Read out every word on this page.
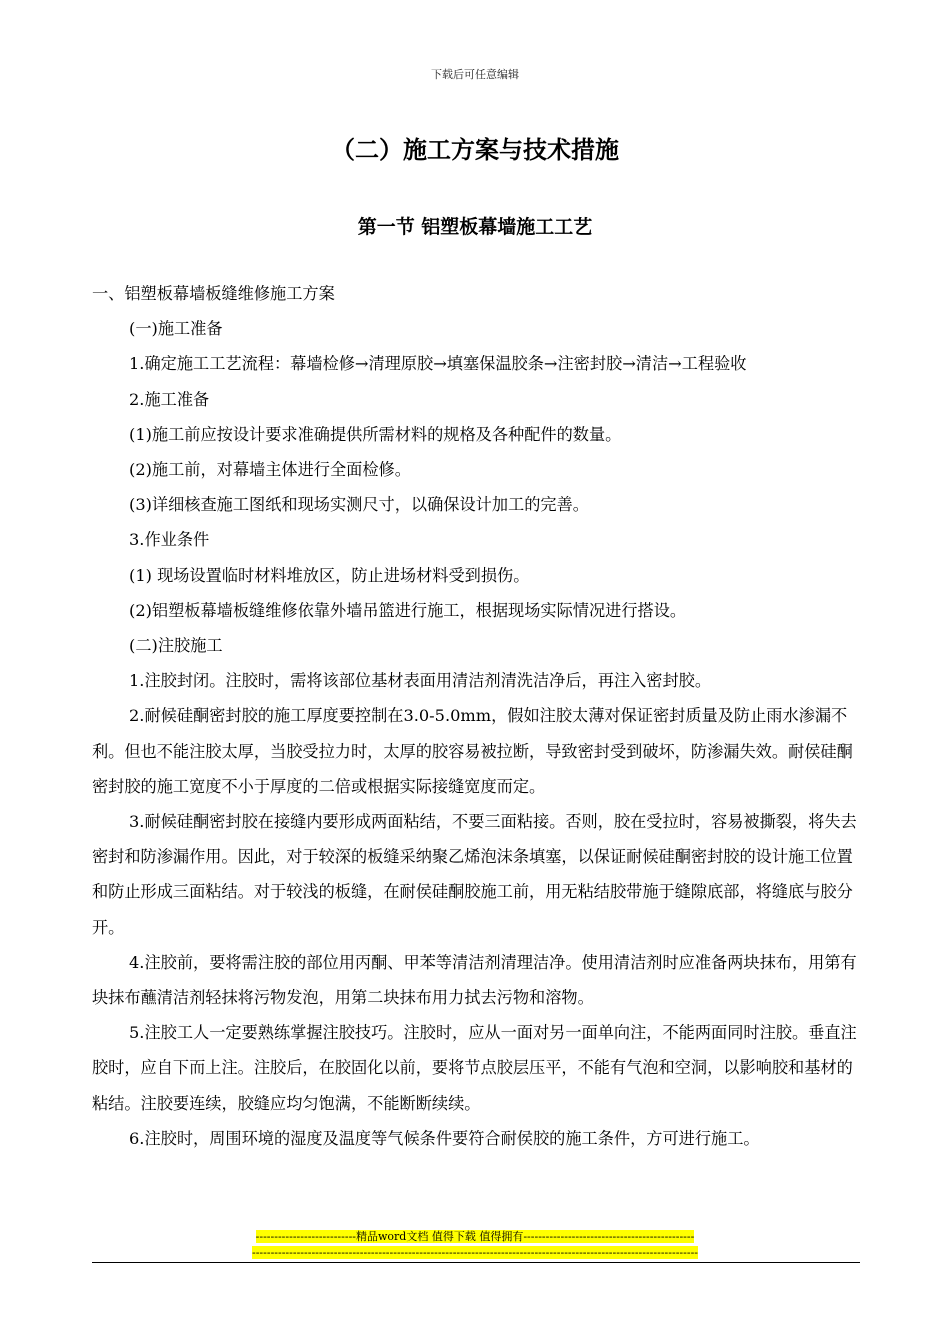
下载后可任意编辑
（二）施工方案与技术措施
第一节 铝塑板幕墙施工工艺

一、铝塑板幕墙板缝维修施工方案

(一)施工准备

1.确定施工工艺流程：幕墙检修→清理原胶→填塞保温胶条→注密封胶→清洁→工程验收

2.施工准备

(1)施工前应按设计要求准确提供所需材料的规格及各种配件的数量。

(2)施工前，对幕墙主体进行全面检修。

(3)详细核查施工图纸和现场实测尺寸，以确保设计加工的完善。

3.作业条件

(1) 现场设置临时材料堆放区，防止进场材料受到损伤。

(2)铝塑板幕墙板缝维修依靠外墙吊篮进行施工，根据现场实际情况进行搭设。

(二)注胶施工

1.注胶封闭。注胶时，需将该部位基材表面用清洁剂清洗洁净后，再注入密封胶。

2.耐候硅酮密封胶的施工厚度要控制在3.0-5.0mm，假如注胶太薄对保证密封质量及防止雨水渗漏不利。但也不能注胶太厚，当胶受拉力时，太厚的胶容易被拉断，导致密封受到破坏，防渗漏失效。耐侯硅酮密封胶的施工宽度不小于厚度的二倍或根据实际接缝宽度而定。

3.耐候硅酮密封胶在接缝内要形成两面粘结，不要三面粘接。否则，胶在受拉时，容易被撕裂，将失去密封和防渗漏作用。因此，对于较深的板缝采纳聚乙烯泡沫条填塞，以保证耐候硅酮密封胶的设计施工位置和防止形成三面粘结。对于较浅的板缝，在耐侯硅酮胶施工前，用无粘结胶带施于缝隙底部，将缝底与胶分开。

4.注胶前，要将需注胶的部位用丙酮、甲苯等清洁剂清理洁净。使用清洁剂时应准备两块抹布，用第有块抹布蘸清洁剂轻抹将污物发泡，用第二块抹布用力拭去污物和溶物。

5.注胶工人一定要熟练掌握注胶技巧。注胶时，应从一面对另一面单向注，不能两面同时注胶。垂直注胶时，应自下而上注。注胶后，在胶固化以前，要将节点胶层压平，不能有气泡和空洞，以影响胶和基材的粘结。注胶要连续，胶缝应均匀饱满，不能断断续续。

6.注胶时，周围环境的湿度及温度等气候条件要符合耐侯胶的施工条件，方可进行施工。

---------------------------精品word文档 值得下载 值得拥有----------------------------------------------
------------------------------------------------------------------------------------------------------------------------
